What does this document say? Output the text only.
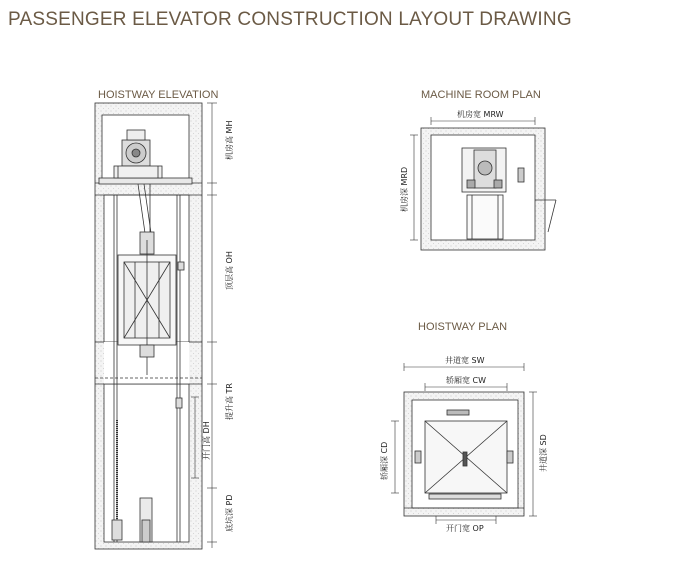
PASSENGER ELEVATOR CONSTRUCTION LAYOUT DRAWING
HOISTWAY ELEVATION	MACHINE ROOM PLAN
HOISTWAY PLAN
机房高 MH
顶层高 OH
提升高 TR
开门高 DH
底坑深 PD
机房宽 MRW
机房深 MRD
井道宽 SW
轿厢宽 CW
轿厢深 CD	井道深 SD
开门宽 OP
